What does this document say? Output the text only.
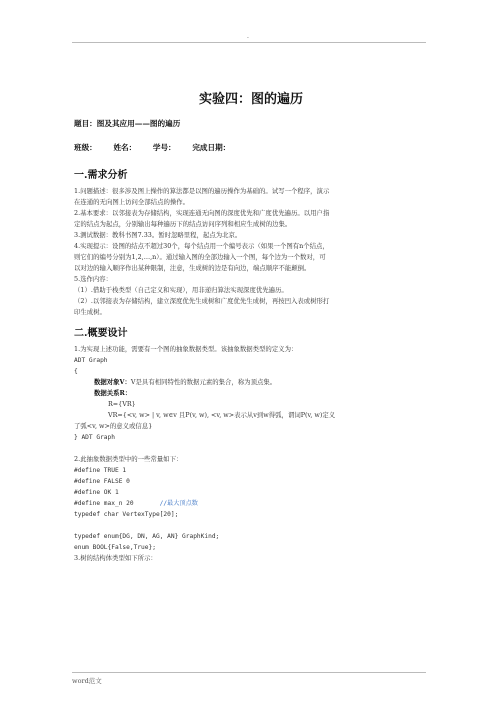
.
实验四：图的遍历
题目：图及其应用——图的遍历
班级： 姓名： 学号： 完成日期：
一.需求分析
1.问题描述：很多涉及图上操作的算法都是以图的遍历操作为基础的。试写一个程序，演示
在连通的无向图上访问全部结点的操作。
2.基本要求：以邻接表为存储结构，实现连通无向图的深度优先和广度优先遍历。以用户指
定的结点为起点，分别输出每种遍历下的结点访问序列和相应生成树的边集。
3.测试数据：教科书图7.33。暂时忽略里程，起点为北京。
4.实现提示：设图的结点不超过30个，每个结点用一个编号表示（如果一个图有n个结点，
则它们的编号分别为1,2,…,n）。通过输入图的全部边输入一个图，每个边为一个数对，可
以对边的输入顺序作出某种限制，注意，生成树的边是有向边，端点顺序不能颠倒。
5.选作内容：
（1）.借助于栈类型（自己定义和实现），用非递归算法实现深度优先遍历。
（2）.以邻接表为存储结构，建立深度优先生成树和广度优先生成树，再按凹入表或树形打
印生成树。
二.概要设计
1.为实现上述功能，需要有一个图的抽象数据类型。该抽象数据类型的定义为：
ADT Graph
{
数据对象V：V是具有相同特性的数据元素的集合，称为顶点集。
数据关系R：
R={VR}
VR={<v, w> | v, w∈v 且P(v, w), <v, w>表示从v到w得弧，谓词P(v, w)定义
了弧<v, w>的意义或信息}
} ADT Graph
2.此抽象数据类型中的一些常量如下：
#define TRUE 1
#define FALSE 0
#define OK 1
#define max_n 20	//最大顶点数
typedef char VertexType[20];
typedef enum{DG, DN, AG, AN} GraphKind;
enum BOOL{False,True};
3.树的结构体类型如下所示：
word范文
